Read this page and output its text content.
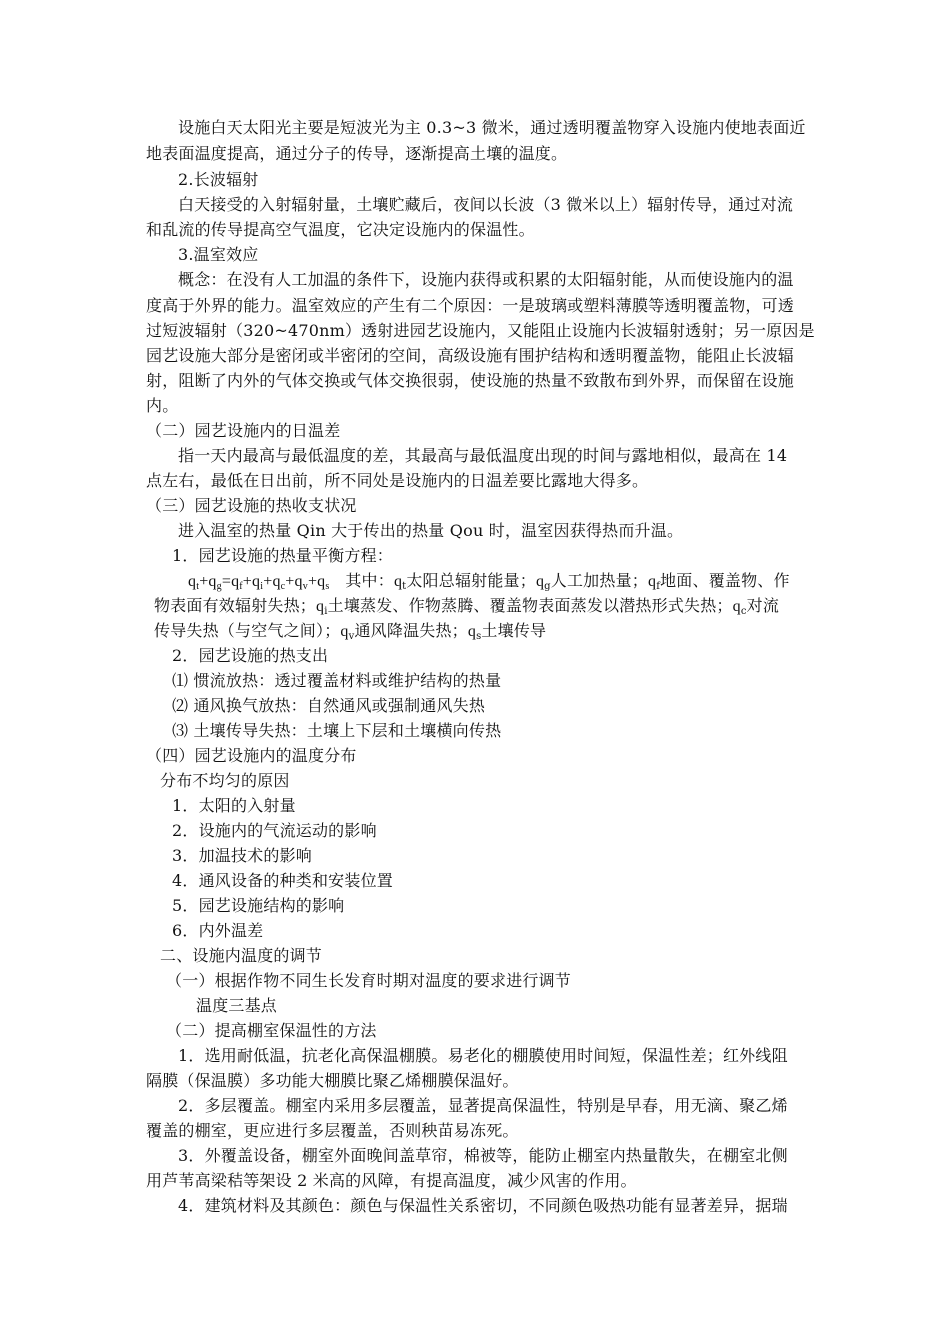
设施白天太阳光主要是短波光为主 0.3~3 微米，通过透明覆盖物穿入设施内使地表面近
地表面温度提高，通过分子的传导，逐渐提高土壤的温度。
2.长波辐射
白天接受的入射辐射量，土壤贮藏后，夜间以长波（3 微米以上）辐射传导，通过对流
和乱流的传导提高空气温度，它决定设施内的保温性。
3.温室效应
概念：在没有人工加温的条件下，设施内获得或积累的太阳辐射能，从而使设施内的温
度高于外界的能力。温室效应的产生有二个原因：一是玻璃或塑料薄膜等透明覆盖物，可透
过短波辐射（320~470nm）透射进园艺设施内，又能阻止设施内长波辐射透射；另一原因是
园艺设施大部分是密闭或半密闭的空间，高级设施有围护结构和透明覆盖物，能阻止长波辐
射，阻断了内外的气体交换或气体交换很弱，使设施的热量不致散布到外界，而保留在设施
内。
（二）园艺设施内的日温差
指一天内最高与最低温度的差，其最高与最低温度出现的时间与露地相似，最高在 14
点左右，最低在日出前，所不同处是设施内的日温差要比露地大得多。
（三）园艺设施的热收支状况
进入温室的热量 Qin 大于传出的热量 Qou 时，温室因获得热而升温。
1．园艺设施的热量平衡方程：
$q_t+q_g=q_f+q_i+q_c+q_v+q_s$ 其中：$q_t$太阳总辐射能量；$q_g$人工加热量；$q_f$地面、覆盖物、作
物表面有效辐射失热；$q_i$土壤蒸发、作物蒸腾、覆盖物表面蒸发以潜热形式失热；$q_c$对流
传导失热（与空气之间）；$q_v$通风降温失热；$q_s$土壤传导
2．园艺设施的热支出
⑴ 惯流放热：透过覆盖材料或维护结构的热量
⑵ 通风换气放热：自然通风或强制通风失热
⑶ 土壤传导失热：土壤上下层和土壤横向传热
（四）园艺设施内的温度分布
分布不均匀的原因
1．太阳的入射量
2．设施内的气流运动的影响
3．加温技术的影响
4．通风设备的种类和安装位置
5．园艺设施结构的影响
6．内外温差
二、设施内温度的调节
（一）根据作物不同生长发育时期对温度的要求进行调节
温度三基点
（二）提高棚室保温性的方法
1．选用耐低温，抗老化高保温棚膜。易老化的棚膜使用时间短，保温性差；红外线阻
隔膜（保温膜）多功能大棚膜比聚乙烯棚膜保温好。
2．多层覆盖。棚室内采用多层覆盖，显著提高保温性，特别是早春，用无滴、聚乙烯
覆盖的棚室，更应进行多层覆盖，否则秧苗易冻死。
3．外覆盖设备，棚室外面晚间盖草帘，棉被等，能防止棚室内热量散失，在棚室北侧
用芦苇高梁秸等架设 2 米高的风障，有提高温度，减少风害的作用。
4．建筑材料及其颜色：颜色与保温性关系密切，不同颜色吸热功能有显著差异，据瑞
